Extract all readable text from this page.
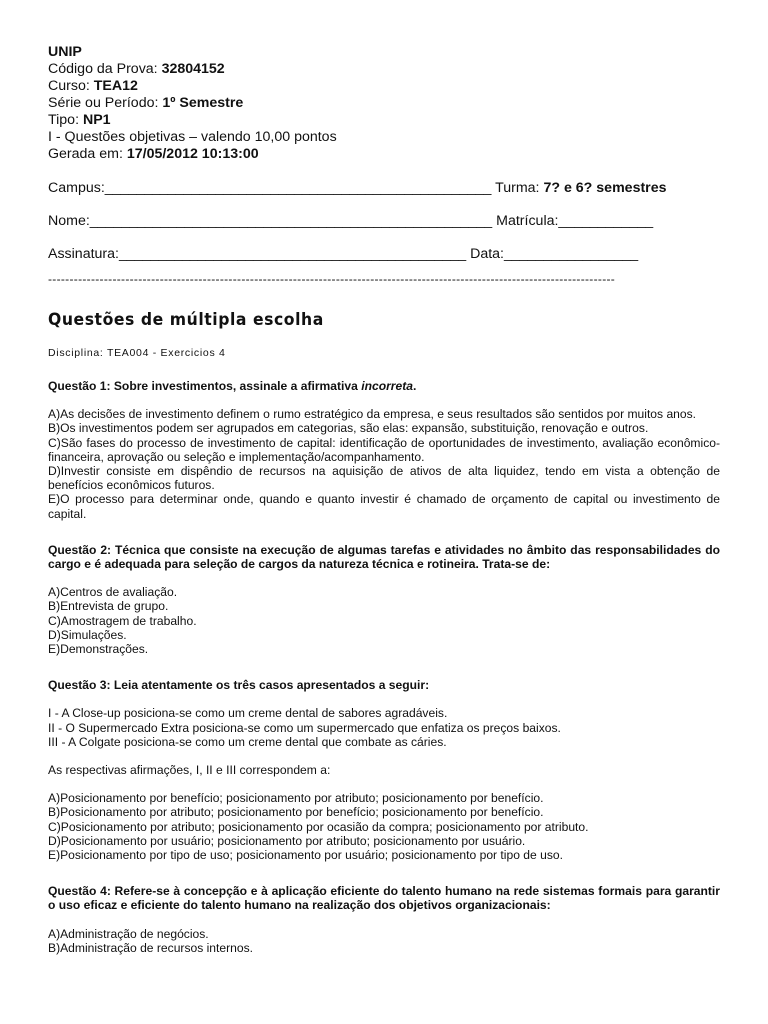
UNIP
Código da Prova: 32804152
Curso: TEA12
Série ou Período: 1º Semestre
Tipo: NP1
I - Questões objetivas – valendo 10,00 pontos
Gerada em: 17/05/2012 10:13:00
Campus:_________________________________________________ Turma: 7? e 6? semestres
Nome:___________________________________________________ Matrícula:____________
Assinatura:____________________________________________ Data:_________________
------------------------------------------------------------------------------------------------------------------------------------
Questões de múltipla escolha
Disciplina: TEA004 - Exercicios 4
Questão 1: Sobre investimentos, assinale a afirmativa incorreta.
A)As decisões de investimento definem o rumo estratégico da empresa, e seus resultados são sentidos por muitos anos.
B)Os investimentos podem ser agrupados em categorias, são elas: expansão, substituição, renovação e outros.
C)São fases do processo de investimento de capital: identificação de oportunidades de investimento, avaliação econômico-financeira, aprovação ou seleção e implementação/acompanhamento.
D)Investir consiste em dispêndio de recursos na aquisição de ativos de alta liquidez, tendo em vista a obtenção de benefícios econômicos futuros.
E)O processo para determinar onde, quando e quanto investir é chamado de orçamento de capital ou investimento de capital.
Questão 2: Técnica que consiste na execução de algumas tarefas e atividades no âmbito das responsabilidades do cargo e é adequada para seleção de cargos da natureza técnica e rotineira. Trata-se de:
A)Centros de avaliação.
B)Entrevista de grupo.
C)Amostragem de trabalho.
D)Simulações.
E)Demonstrações.
Questão 3: Leia atentamente os três casos apresentados a seguir:
I - A Close-up posiciona-se como um creme dental de sabores agradáveis.
II - O Supermercado Extra posiciona-se como um supermercado que enfatiza os preços baixos.
III - A Colgate posiciona-se como um creme dental que combate as cáries.
As respectivas afirmações, I, II e III correspondem a:
A)Posicionamento por benefício; posicionamento por atributo; posicionamento por benefício.
B)Posicionamento por atributo; posicionamento por benefício; posicionamento por benefício.
C)Posicionamento por atributo; posicionamento por ocasião da compra; posicionamento por atributo.
D)Posicionamento por usuário; posicionamento por atributo; posicionamento por usuário.
E)Posicionamento por tipo de uso; posicionamento por usuário; posicionamento por tipo de uso.
Questão 4: Refere-se à concepção e à aplicação eficiente do talento humano na rede sistemas formais para garantir o uso eficaz e eficiente do talento humano na realização dos objetivos organizacionais:
A)Administração de negócios.
B)Administração de recursos internos.
